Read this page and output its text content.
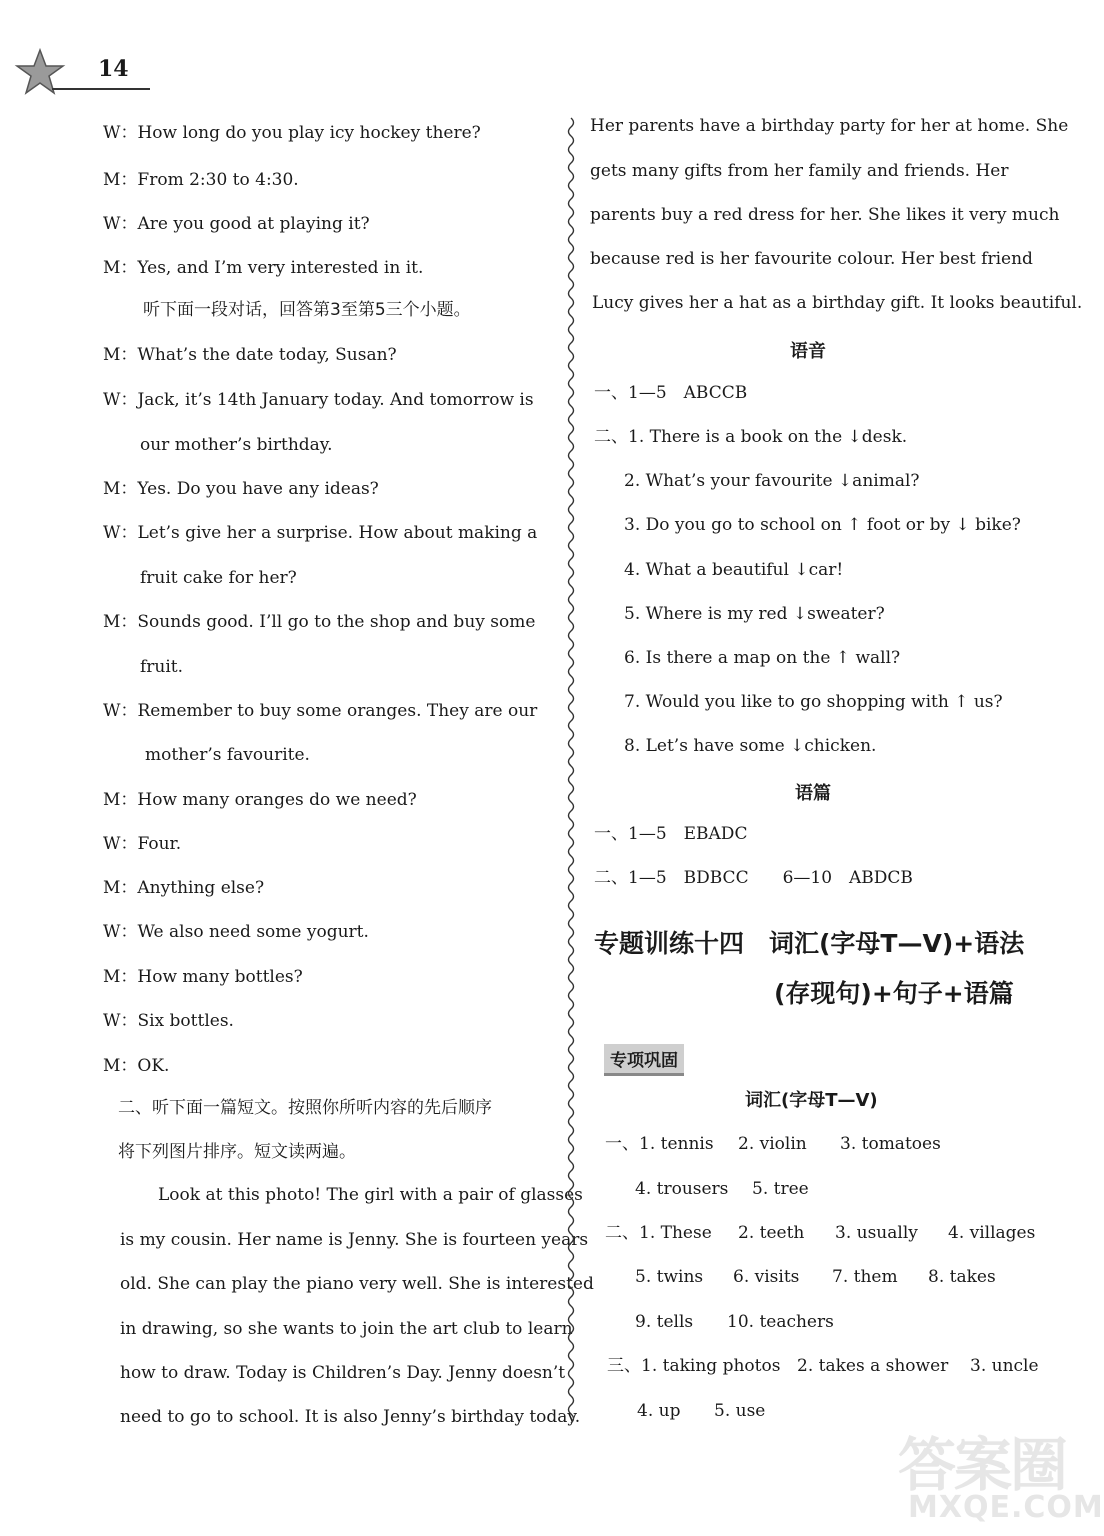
14
W：How long do you play icy hockey there?
M：From 2:30 to 4:30.
W：Are you good at playing it?
M：Yes, and I’m very interested in it.
听下面一段对话，回答第3至第5三个小题。
M：What’s the date today, Susan?
W：Jack, it’s 14th January today. And tomorrow is
our mother’s birthday.
M：Yes. Do you have any ideas?
W：Let’s give her a surprise. How about making a
fruit cake for her?
M：Sounds good. I’ll go to the shop and buy some
fruit.
W：Remember to buy some oranges. They are our
mother’s favourite.
M：How many oranges do we need?
W：Four.
M：Anything else?
W：We also need some yogurt.
M：How many bottles?
W：Six bottles.
M：OK.
二、听下面一篇短文。按照你所听内容的先后顺序
将下列图片排序。短文读两遍。
Look at this photo! The girl with a pair of glasses
is my cousin. Her name is Jenny. She is fourteen years
old. She can play the piano very well. She is interested
in drawing, so she wants to join the art club to learn
how to draw. Today is Children’s Day. Jenny doesn’t
need to go to school. It is also Jenny’s birthday today.
Her parents have a birthday party for her at home. She
gets many gifts from her family and friends. Her
parents buy a red dress for her. She likes it very much
because red is her favourite colour. Her best friend
Lucy gives her a hat as a birthday gift. It looks beautiful.
语音
一、1—5　ABCCB
二、1. There is a book on the ↓desk.
2. What’s your favourite ↓animal?
3. Do you go to school on ↑ foot or by ↓ bike?
4. What a beautiful ↓car!
5. Where is my red ↓sweater?
6. Is there a map on the ↑ wall?
7. Would you like to go shopping with ↑ us?
8. Let’s have some ↓chicken.
语篇
一、1—5　EBADC
二、1—5　BDBCC　　6—10　ABDCB
专题训练十四　词汇(字母T—V)+语法
(存现句)+句子+语篇
专项巩固
词汇(字母T—V)
一、1. tennis 2. violin 3. tomatoes
4. trousers 5. tree
二、1. These 2. teeth 3. usually 4. villages
5. twins 6. visits 7. them 8. takes
9. tells 10. teachers
三、1. taking photos 2. takes a shower 3. uncle
4. up 5. use
答案圈
MXQE.COM
